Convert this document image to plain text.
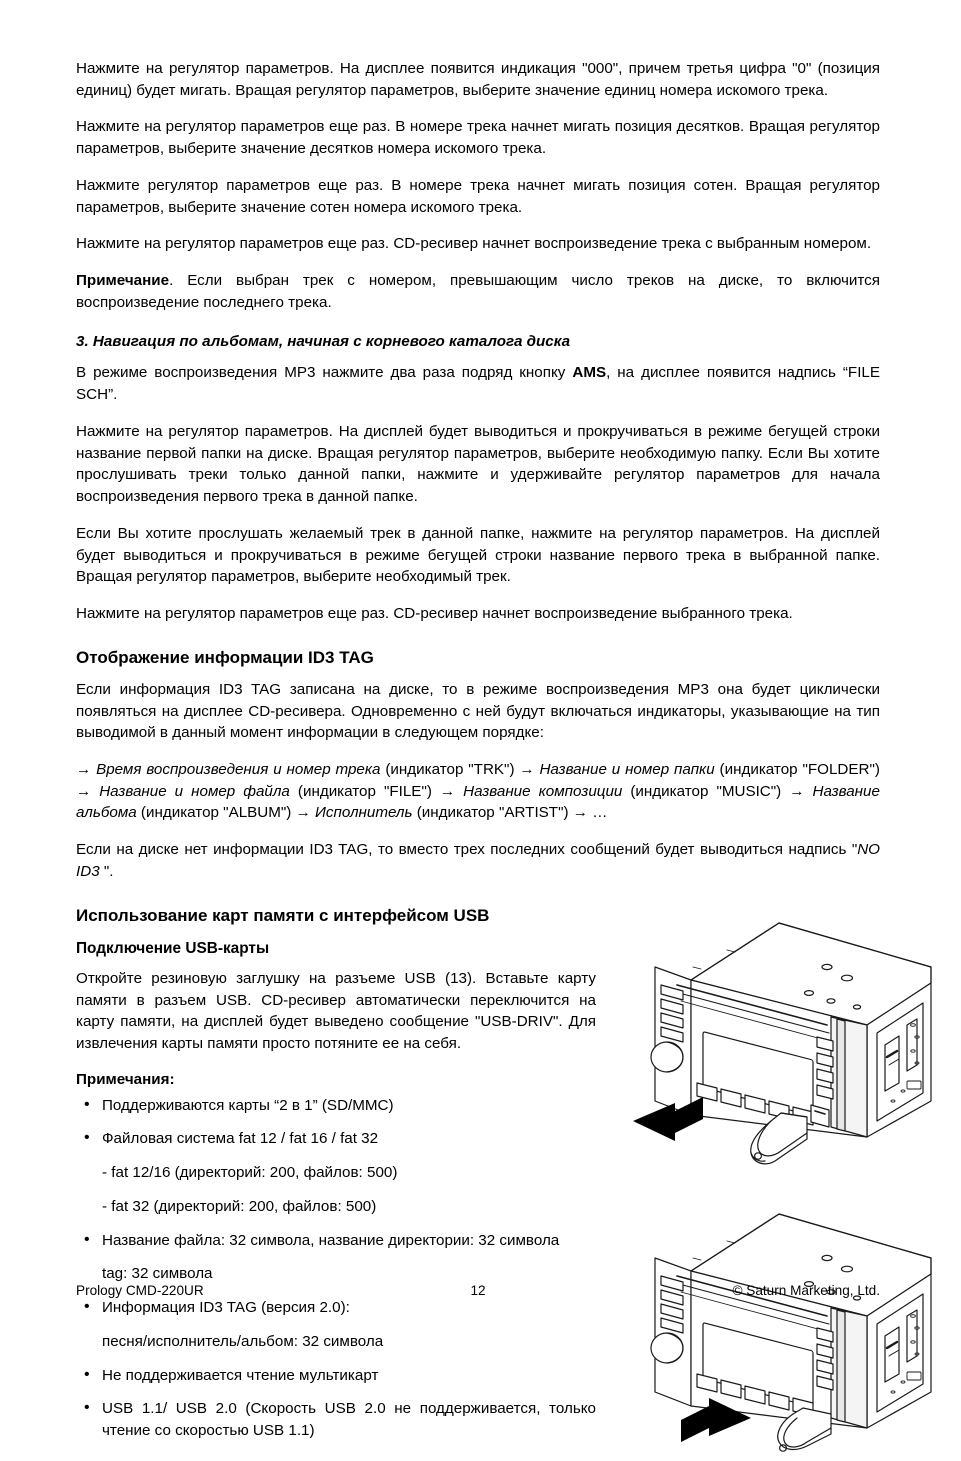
Нажмите на регулятор параметров. На дисплее появится индикация "000", причем третья цифра "0" (позиция единиц) будет мигать. Вращая регулятор параметров, выберите значение единиц номера искомого трека.

Нажмите на регулятор параметров еще раз. В номере трека начнет мигать позиция десятков. Вращая регулятор параметров, выберите значение десятков номера искомого трека.

Нажмите регулятор параметров еще раз. В номере трека начнет мигать позиция сотен. Вращая регулятор параметров, выберите значение сотен номера искомого трека.

Нажмите на регулятор параметров еще раз. CD-ресивер начнет воспроизведение трека с выбранным номером.

Примечание. Если выбран трек с номером, превышающим число треков на диске, то включится воспроизведение последнего трека.

3. Навигация по альбомам, начиная с корневого каталога диска

В режиме воспроизведения MP3 нажмите два раза подряд кнопку AMS, на дисплее появится надпись “FILE SCH”.

Нажмите на регулятор параметров. На дисплей будет выводиться и прокручиваться в режиме бегущей строки название первой папки на диске. Вращая регулятор параметров, выберите необходимую папку. Если Вы хотите прослушивать треки только данной папки, нажмите и удерживайте регулятор параметров для начала воспроизведения первого трека в данной папке.

Если Вы хотите прослушать желаемый трек в данной папке, нажмите на регулятор параметров. На дисплей будет выводиться и прокручиваться в режиме бегущей строки название первого трека в выбранной папке. Вращая регулятор параметров, выберите необходимый трек.

Нажмите на регулятор параметров еще раз. CD-ресивер начнет воспроизведение выбранного трека.

Отображение информации ID3 TAG

Если информация ID3 TAG записана на диске, то в режиме воспроизведения MP3 она будет циклически появляться на дисплее CD-ресивера. Одновременно с ней будут включаться индикаторы, указывающие на тип выводимой в данный момент информации в следующем порядке:

→ Время воспроизведения и номер трека (индикатор "TRK") → Название и номер папки (индикатор "FOLDER") → Название и номер файла (индикатор "FILE") → Название композиции (индикатор "MUSIC") → Название альбома (индикатор "ALBUM") → Исполнитель (индикатор "ARTIST") → …

Если на диске нет информации ID3 TAG, то вместо трех последних сообщений будет выводиться надпись "NO ID3 ".

Использование карт памяти с интерфейсом USB
Подключение USB-карты

Откройте резиновую заглушку на разъеме USB (13). Вставьте карту памяти в разъем USB. CD-ресивер автоматически переключится на карту памяти, на дисплей будет выведено сообщение "USB-DRIV". Для извлечения карты памяти просто потяните ее на себя.

Примечания:
• Поддерживаются карты “2 в 1” (SD/MMC)
• Файловая система fat 12 / fat 16 / fat 32
- fat 12/16 (директорий: 200, файлов: 500)
- fat 32 (директорий: 200, файлов: 500)
• Название файла: 32 символа, название директории: 32 символа
tag: 32 символа
• Информация ID3 TAG (версия 2.0):
песня/исполнитель/альбом: 32 символа
• Не поддерживается чтение мультикарт
• USB 1.1/ USB 2.0 (Скорость USB 2.0 не поддерживается, только чтение со скоростью USB 1.1)
Prology CMD-220UR	12	© Saturn Marketing, Ltd.
